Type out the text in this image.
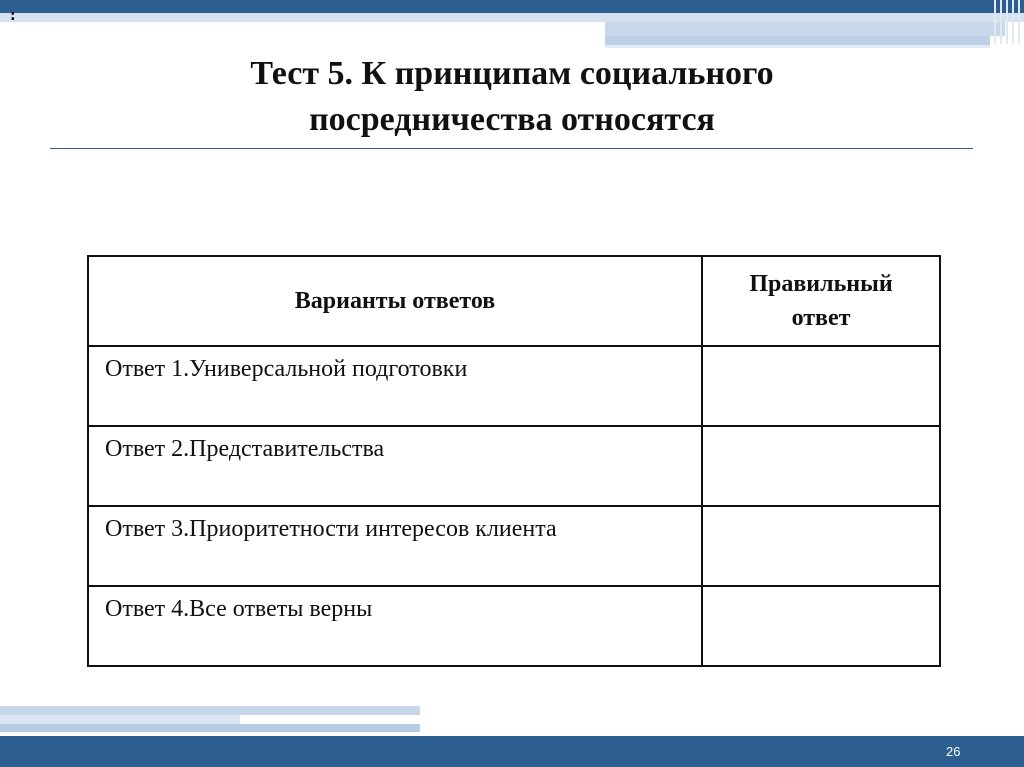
:
Тест 5. К принципам социального
посредничества относятся
Варианты ответов	Правильный
ответ

Ответ 1.Универсальной подготовки	
Ответ 2.Представительства	
Ответ 3.Приоритетности интересов клиента	
Ответ 4.Все ответы верны	
26
